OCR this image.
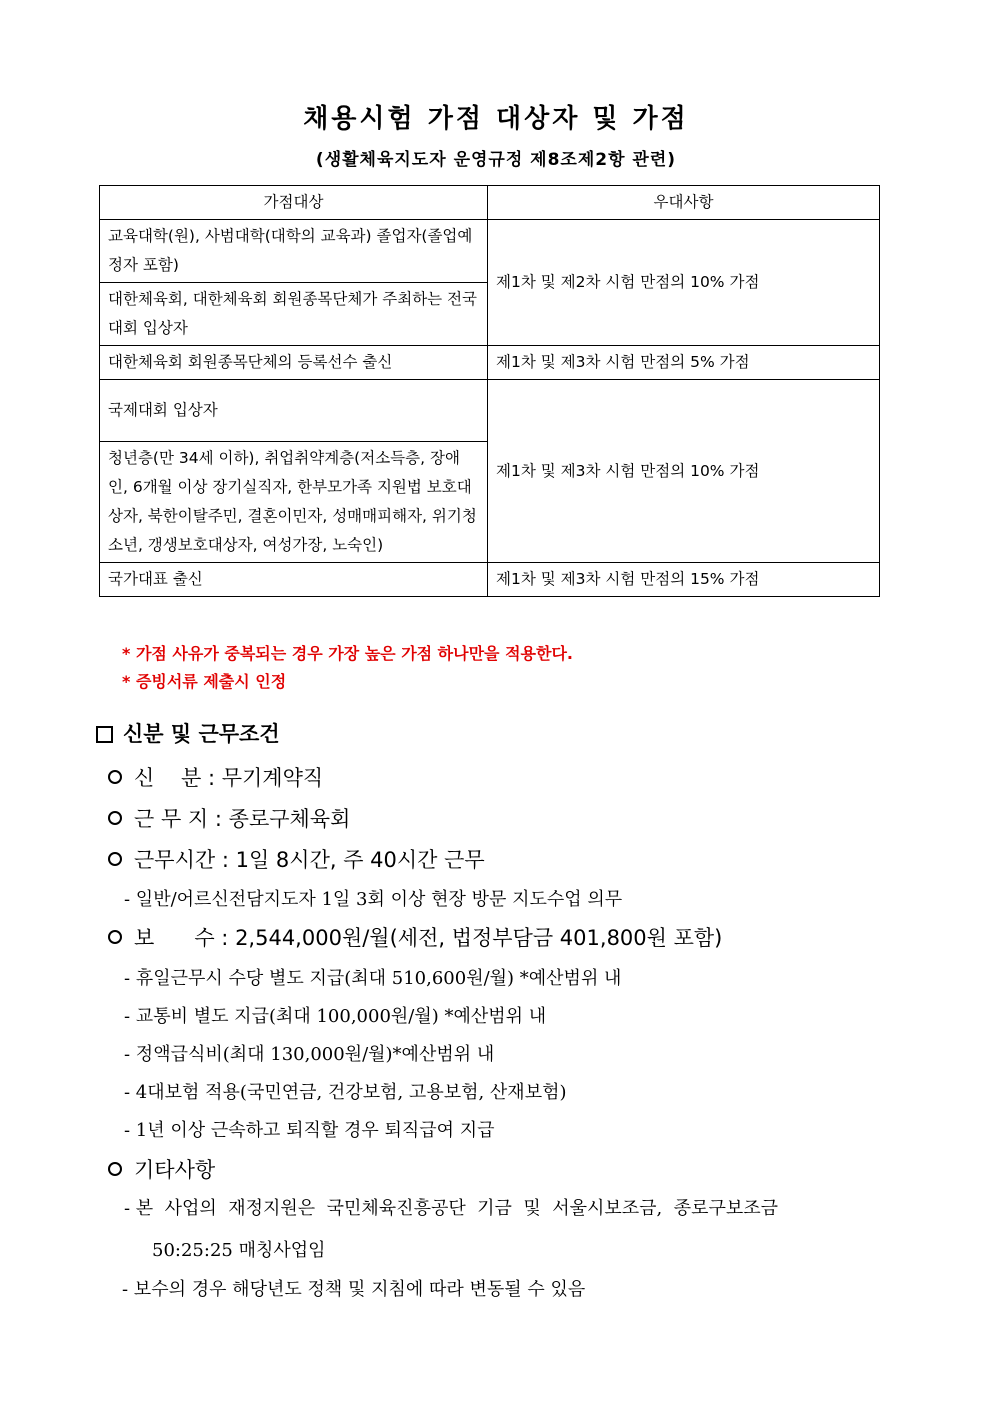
채용시험 가점 대상자 및 가점
(생활체육지도자 운영규정 제8조제2항 관련)
가점대상	우대사항
교육대학(원), 사범대학(대학의 교육과) 졸업자(졸업예정자 포함)	제1차 및 제2차 시험 만점의 10% 가점
대한체육회, 대한체육회 회원종목단체가 주최하는 전국대회 입상자	
대한체육회 회원종목단체의 등록선수 출신	제1차 및 제3차 시험 만점의 5% 가점
국제대회 입상자	제1차 및 제3차 시험 만점의 10% 가점
청년층(만 34세 이하), 취업취약계층(저소득층, 장애인, 6개월 이상 장기실직자, 한부모가족 지원법 보호대상자, 북한이탈주민, 결혼이민자, 성매매피해자, 위기청소년, 갱생보호대상자, 여성가장, 노숙인)	
국가대표 출신	제1차 및 제3차 시험 만점의 15% 가점
* 가점 사유가 중복되는 경우 가장 높은 가점 하나만을 적용한다.
* 증빙서류 제출시 인정
신분 및 근무조건
신    분 : 무기계약직
근 무 지 : 종로구체육회
근무시간 : 1일 8시간, 주 40시간 근무
- 일반/어르신전담지도자 1일 3회 이상 현장 방문 지도수업 의무
보      수 : 2,544,000원/월(세전, 법정부담금 401,800원 포함)
- 휴일근무시 수당 별도 지급(최대 510,600원/월) *예산범위 내
- 교통비 별도 지급(최대 100,000원/월) *예산범위 내
- 정액급식비(최대 130,000원/월)*예산범위 내
- 4대보험 적용(국민연금, 건강보험, 고용보험, 산재보험)
- 1년 이상 근속하고 퇴직할 경우 퇴직급여 지급
기타사항
- 본  사업의  재정지원은  국민체육진흥공단  기금  및  서울시보조금,  종로구보조금
50:25:25 매칭사업임
- 보수의 경우 해당년도 정책 및 지침에 따라 변동될 수 있음
